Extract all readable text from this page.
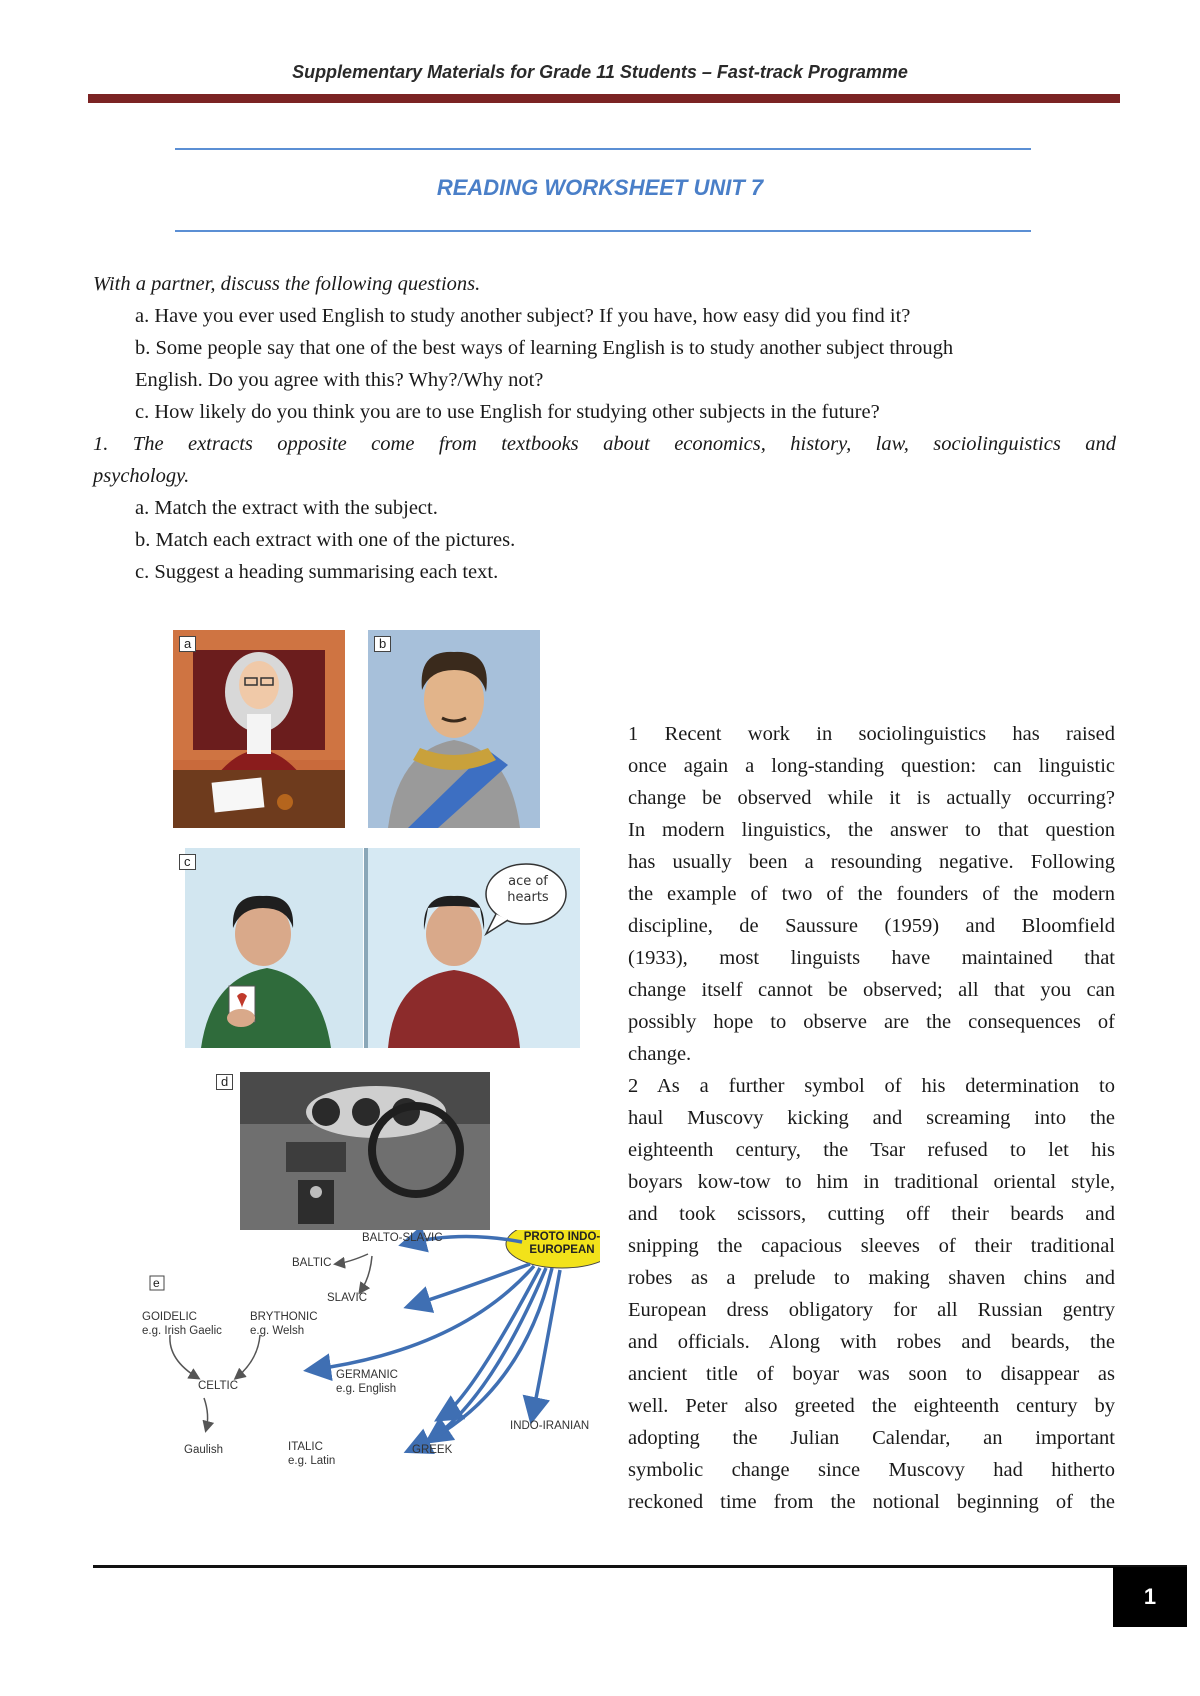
Supplementary Materials for Grade 11 Students – Fast-track Programme
READING WORKSHEET UNIT 7
With a partner, discuss the following questions.
a. Have you ever used English to study another subject? If you have, how easy did you find it?
b. Some people say that one of the best ways of learning English is to study another subject through
English. Do you agree with this? Why?/Why not?
c. How likely do you think you are to use English for studying other subjects in the future?
1. The extracts opposite come from textbooks about economics, history, law, sociolinguistics and
psychology.
a. Match the extract with the subject.
b. Match each extract with one of the pictures.
c. Suggest a heading summarising each text.
a	b
c
ace of hearts
d
e
PROTO INDO-EUROPEAN
BALTO-SLAVIC
BALTIC
SLAVIC
GOIDELIC
e.g. Irish Gaelic
BRYTHONIC
e.g. Welsh
CELTIC
GERMANIC
e.g. English
INDO-IRANIAN
Gaulish	ITALIC
e.g. Latin
GREEK
1 Recent work in sociolinguistics has raised
once again a long-standing question: can linguistic
change be observed while it is actually occurring?
In modern linguistics, the answer to that question
has usually been a resounding negative. Following
the example of two of the founders of the modern
discipline, de Saussure (1959) and Bloomfield
(1933), most linguists have maintained that
change itself cannot be observed; all that you can
possibly hope to observe are the consequences of
change.
2 As a further symbol of his determination to
haul Muscovy kicking and screaming into the
eighteenth century, the Tsar refused to let his
boyars kow-tow to him in traditional oriental style,
and took scissors, cutting off their beards and
snipping the capacious sleeves of their traditional
robes as a prelude to making shaven chins and
European dress obligatory for all Russian gentry
and officials. Along with robes and beards, the
ancient title of boyar was soon to disappear as
well. Peter also greeted the eighteenth century by
adopting the Julian Calendar, an important
symbolic change since Muscovy had hitherto
reckoned time from the notional beginning of the
1
